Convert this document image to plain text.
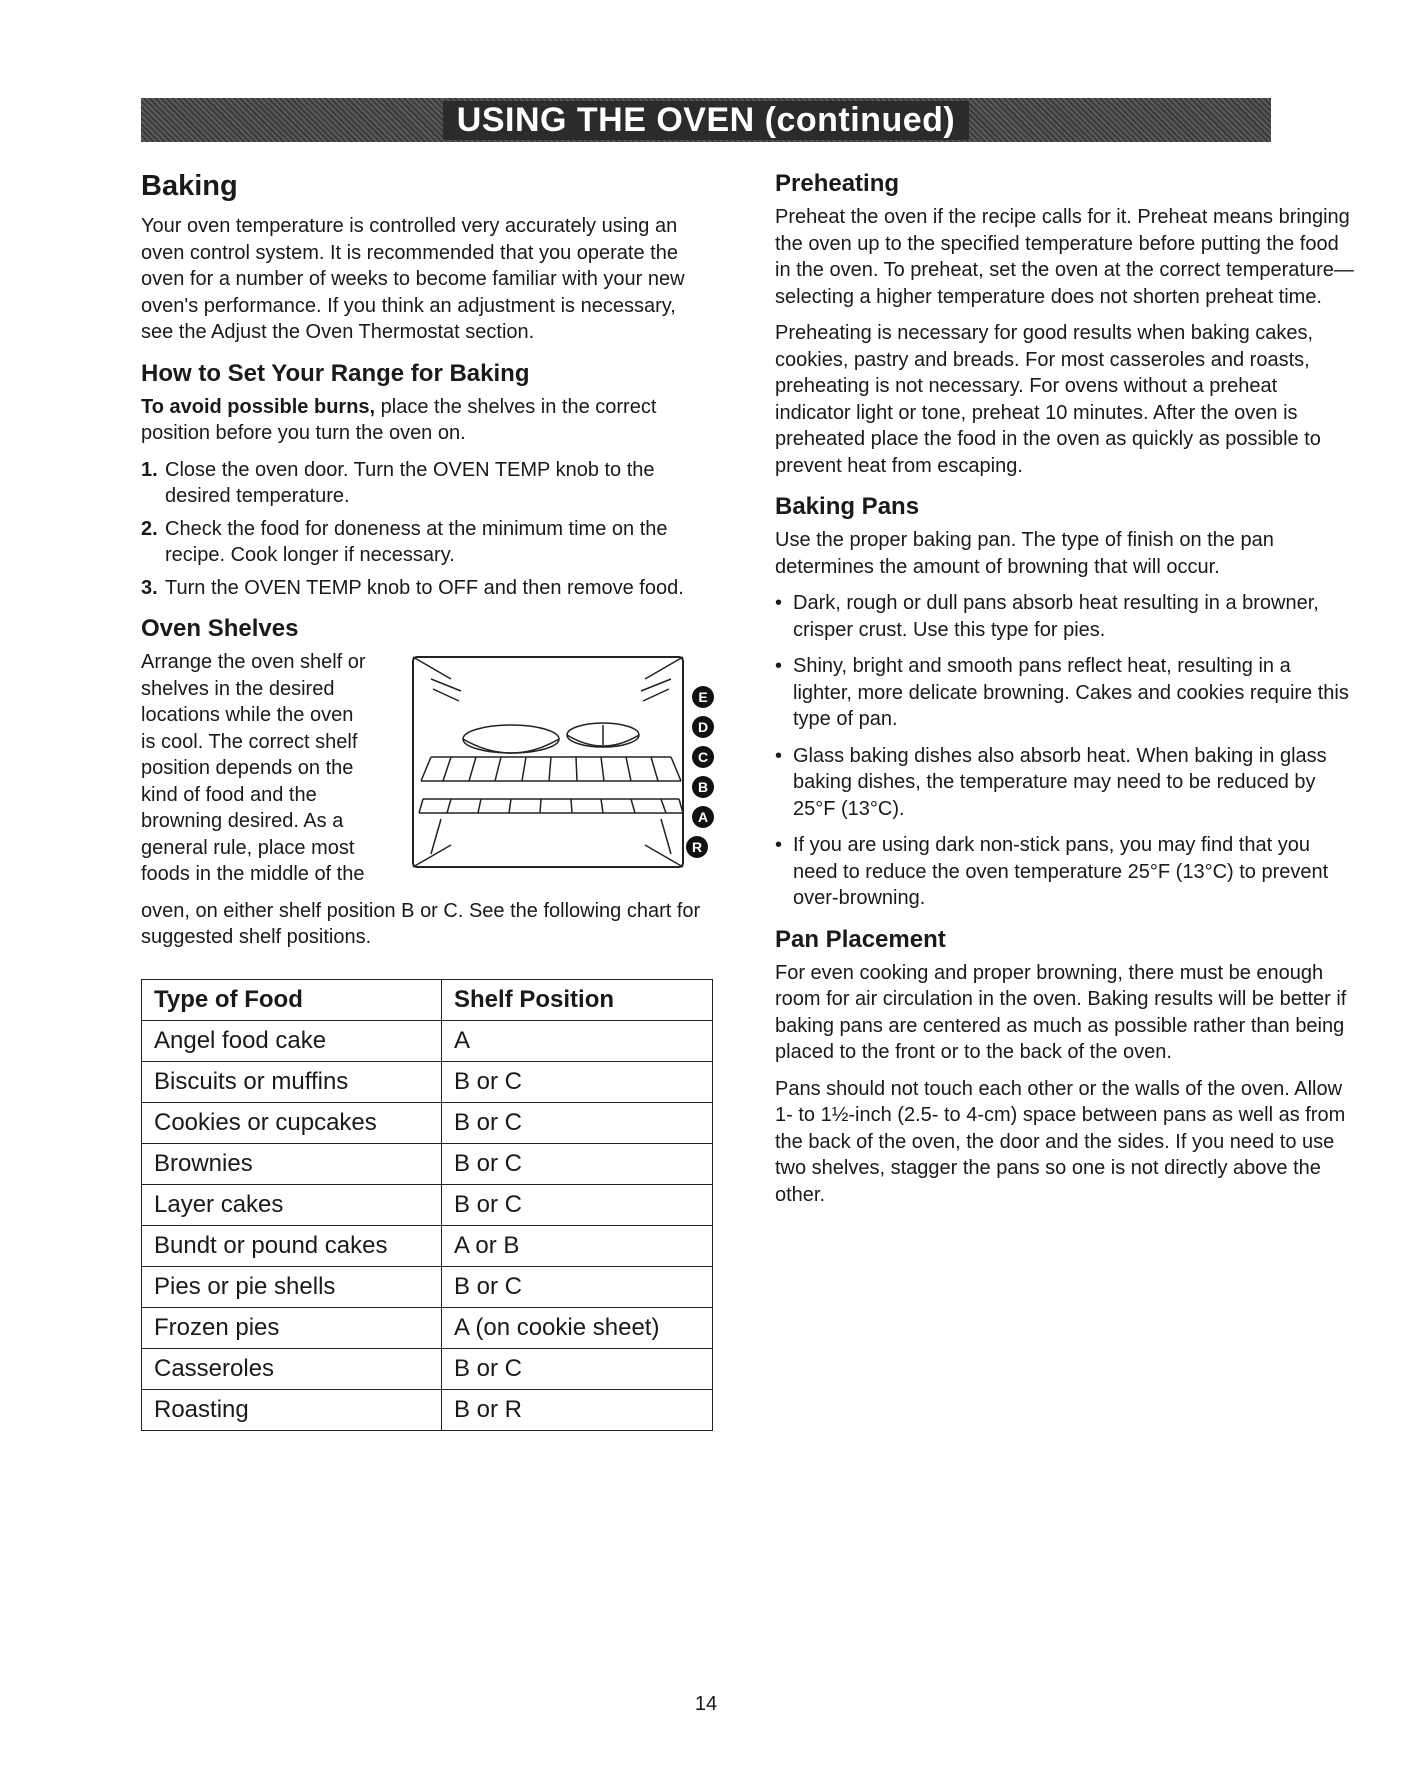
USING THE OVEN (continued)
Baking

Your oven temperature is controlled very accurately using an oven control system. It is recommended that you operate the oven for a number of weeks to become familiar with your new oven's performance. If you think an adjustment is necessary, see the Adjust the Oven Thermostat section.

How to Set Your Range for Baking

To avoid possible burns, place the shelves in the correct position before you turn the oven on.

1. Close the oven door. Turn the OVEN TEMP knob to the desired temperature.
2. Check the food for doneness at the minimum time on the recipe. Cook longer if necessary.
3. Turn the OVEN TEMP knob to OFF and then remove food.
Oven Shelves

Arrange the oven shelf or shelves in the desired locations while the oven is cool. The correct shelf position depends on the kind of food and the browning desired. As a general rule, place most foods in the middle of the

E
D
C
B
A
R

oven, on either shelf position B or C. See the following chart for suggested shelf positions.

Type of Food	Shelf Position
Angel food cake	A
Biscuits or muffins	B or C
Cookies or cupcakes	B or C
Brownies	B or C
Layer cakes	B or C
Bundt or pound cakes	A or B
Pies or pie shells	B or C
Frozen pies	A (on cookie sheet)
Casseroles	B or C
Roasting	B or R
Preheating

Preheat the oven if the recipe calls for it. Preheat means bringing the oven up to the specified temperature before putting the food in the oven. To preheat, set the oven at the correct temperature—selecting a higher temperature does not shorten preheat time.

Preheating is necessary for good results when baking cakes, cookies, pastry and breads. For most casseroles and roasts, preheating is not necessary. For ovens without a preheat indicator light or tone, preheat 10 minutes. After the oven is preheated place the food in the oven as quickly as possible to prevent heat from escaping.

Baking Pans

Use the proper baking pan. The type of finish on the pan determines the amount of browning that will occur.

• Dark, rough or dull pans absorb heat resulting in a browner, crisper crust. Use this type for pies.
• Shiny, bright and smooth pans reflect heat, resulting in a lighter, more delicate browning. Cakes and cookies require this type of pan.
• Glass baking dishes also absorb heat. When baking in glass baking dishes, the temperature may need to be reduced by 25°F (13°C).
• If you are using dark non-stick pans, you may find that you need to reduce the oven temperature 25°F (13°C) to prevent over-browning.
Pan Placement

For even cooking and proper browning, there must be enough room for air circulation in the oven. Baking results will be better if baking pans are centered as much as possible rather than being placed to the front or to the back of the oven.

Pans should not touch each other or the walls of the oven. Allow 1- to 1½-inch (2.5- to 4-cm) space between pans as well as from the back of the oven, the door and the sides. If you need to use two shelves, stagger the pans so one is not directly above the other.

14
